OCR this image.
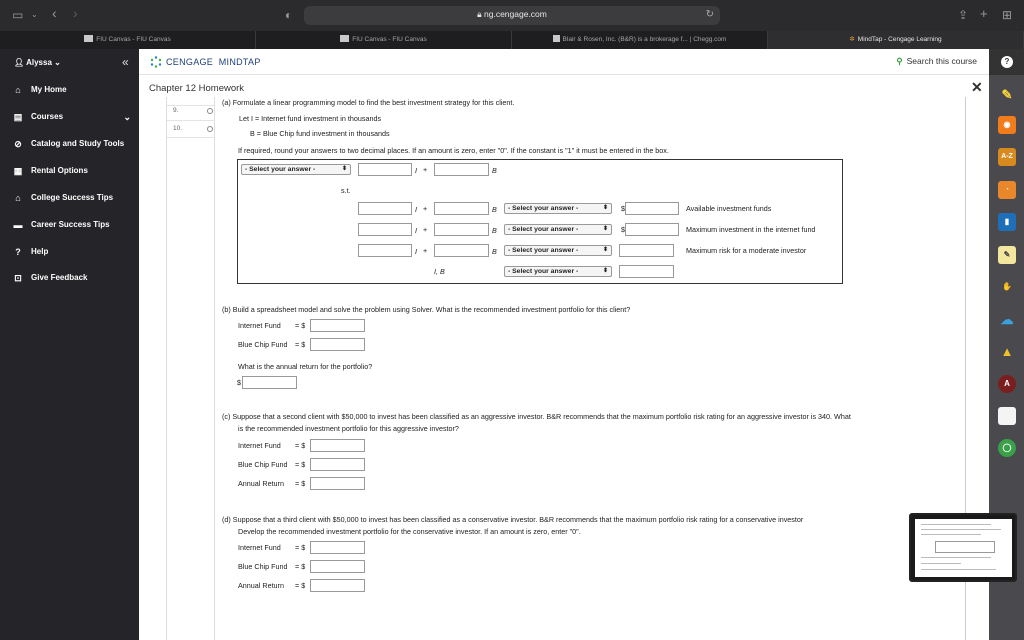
▭ ⌄ ‹ ›	◐	🔒︎ ng.cengage.com	↻	⇪ + ⊞
FIU Canvas - FIU Canvas	FIU Canvas - FIU Canvas	Blair & Rosen, Inc. (B&R) is a brokerage f... | Chegg.com	✲ MindTap - Cengage Learning
👤︎ Alyssa ⌄	«
⌂	My Home
▤ Courses	⌄
⊘ Catalog and Study Tools
▦ Rental Options
⌂	College Success Tips
▬ Career Success Tips
?	Help
⊡ Give Feedback
CENGAGE MINDTAP	⚲ Search this course	?
Chapter 12 Homework	✕ ✎
◉
A-Z
◔
▮
✎
✋
☁
▲
A
◯
9.
10.
(a) Formulate a linear programming model to find the best investment strategy for this client.
Let I = Internet fund investment in thousands
B = Blue Chip fund investment in thousands
If required, round your answers to two decimal places. If an amount is zero, enter "0". If the constant is "1" it must be entered in the box.
- Select your answer -	⬍	I +	B
s.t.
I +	B	- Select your answer -	⬍ $	Available investment funds
I +	B	- Select your answer -	⬍ $	Maximum investment in the internet fund
I +	B	- Select your answer -	⬍	Maximum risk for a moderate investor
I, B	- Select your answer -	⬍
(b) Build a spreadsheet model and solve the problem using Solver. What is the recommended investment portfolio for this client?
Internet Fund = $
Blue Chip Fund = $
What is the annual return for the portfolio?
$
(c) Suppose that a second client with $50,000 to invest has been classified as an aggressive investor. B&R recommends that the maximum portfolio risk rating for an aggressive investor is 340. What
is the recommended investment portfolio for this aggressive investor?
Internet Fund = $
Blue Chip Fund = $
Annual Return = $
(d) Suppose that a third client with $50,000 to invest has been classified as a conservative investor. B&R recommends that the maximum portfolio risk rating for a conservative investor
Develop the recommended investment portfolio for the conservative investor. If an amount is zero, enter "0".
Internet Fund = $
Blue Chip Fund = $
Annual Return = $
